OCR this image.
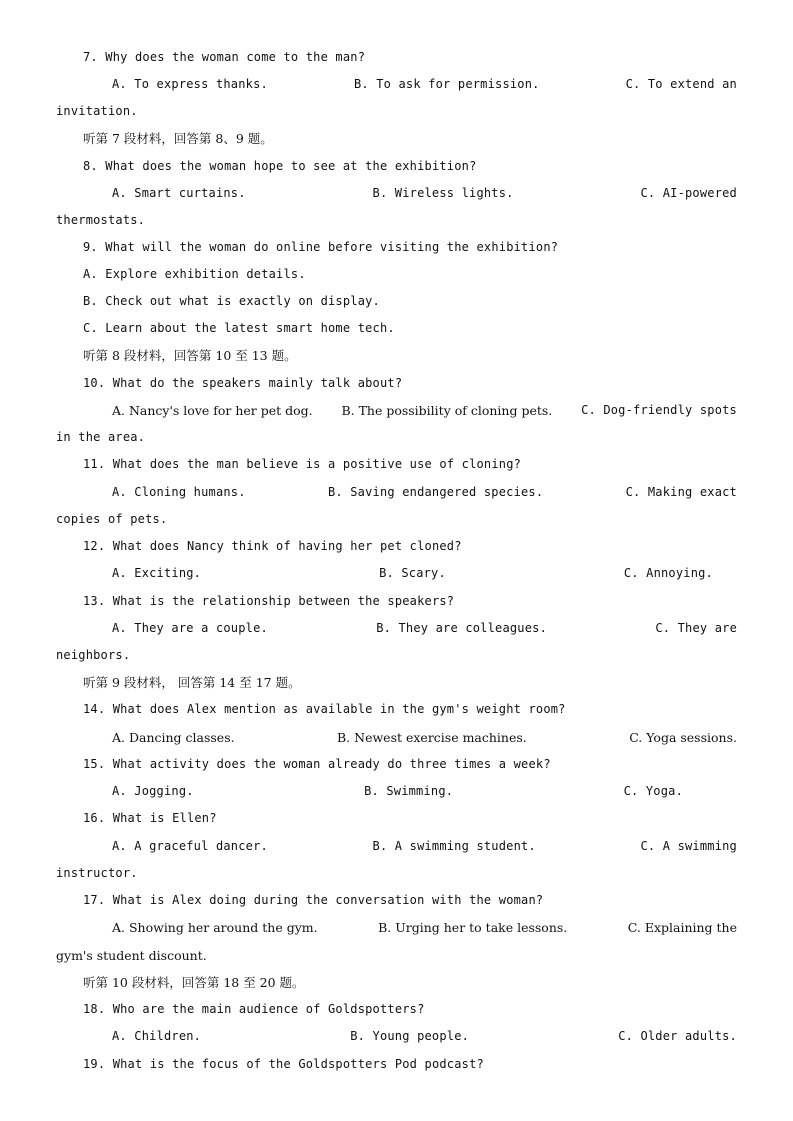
7. Why does the woman come to the man?
A. To express thanks.	B. To ask for permission.	C. To extend an
invitation.
听第 7 段材料，回答第 8、9 题。
8. What does the woman hope to see at the exhibition?
A. Smart curtains.	B. Wireless lights.	C. AI-powered
thermostats.
9. What will the woman do online before visiting the exhibition?
A. Explore exhibition details.
B. Check out what is exactly on display.
C. Learn about the latest smart home tech.
听第 8 段材料，回答第 10 至 13 题。
10. What do the speakers mainly talk about?
A. Nancy's love for her pet dog. B. The possibility of cloning pets. C. Dog-friendly spots
in the area.
11. What does the man believe is a positive use of cloning?
A. Cloning humans.	B. Saving endangered species.	C. Making exact
copies of pets.
12. What does Nancy think of having her pet cloned?
A. Exciting.	B. Scary.	C. Annoying.
13. What is the relationship between the speakers?
A. They are a couple.	B. They are colleagues.	C. They are
neighbors.
听第 9 段材料， 回答第 14 至 17 题。
14. What does Alex mention as available in the gym's weight room?
A. Dancing classes.	B. Newest exercise machines.	C. Yoga sessions.
15. What activity does the woman already do three times a week?
A. Jogging.	B. Swimming.	C. Yoga.
16. What is Ellen?
A. A graceful dancer.	B. A swimming student.	C. A swimming
instructor.
17. What is Alex doing during the conversation with the woman?
A. Showing her around the gym.	B. Urging her to take lessons.	C. Explaining the
gym's student discount.
听第 10 段材料，回答第 18 至 20 题。
18. Who are the main audience of Goldspotters?
A. Children.	B. Young people.	C. Older adults.
19. What is the focus of the Goldspotters Pod podcast?
